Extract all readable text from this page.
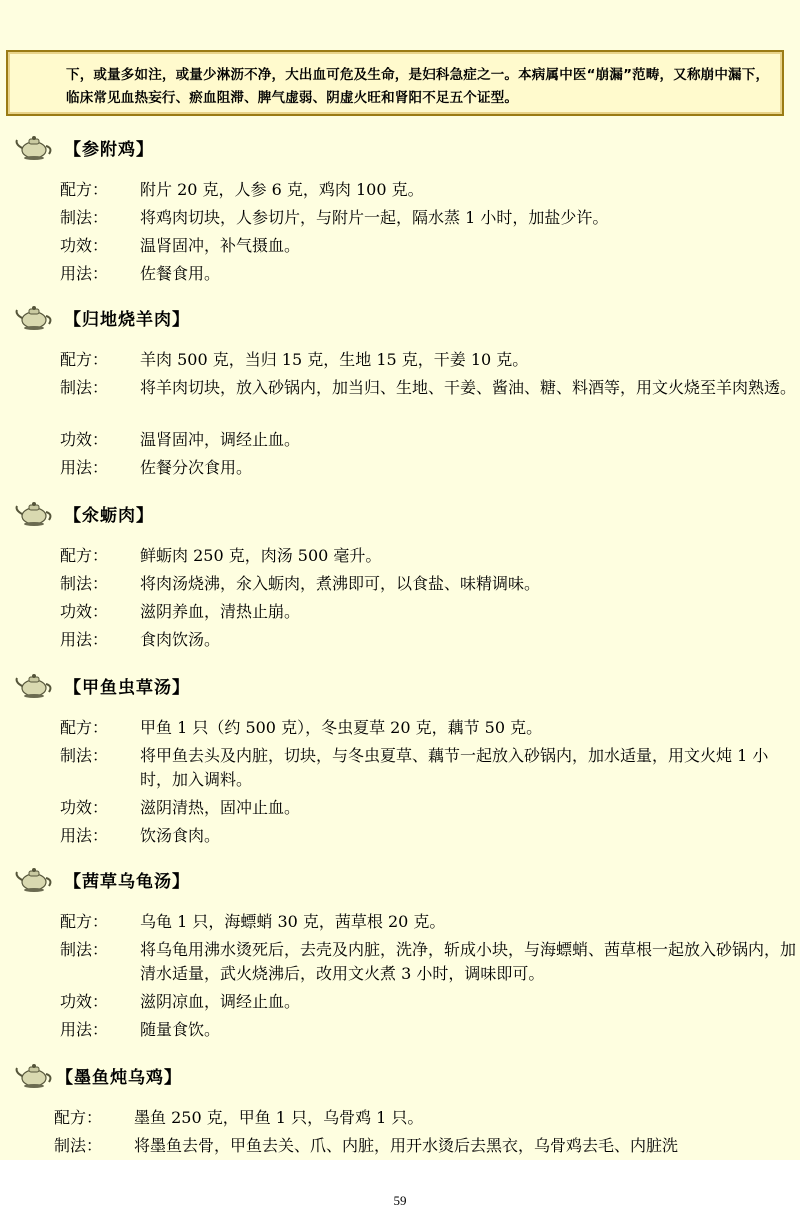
下，或量多如注，或量少淋沥不净，大出血可危及生命，是妇科急症之一。本病属中医“崩漏”范畴，又称崩中漏下，临床常见血热妄行、瘀血阻滞、脾气虚弱、阴虚火旺和肾阳不足五个证型。

【参附鸡】
配方：	附片 20 克，人参 6 克，鸡肉 100 克。
制法：	将鸡肉切块，人参切片，与附片一起，隔水蒸 1 小时，加盐少许。
功效：	温肾固冲，补气摄血。
用法：	佐餐食用。
【归地烧羊肉】
配方：	羊肉 500 克，当归 15 克，生地 15 克，干姜 10 克。
制法：	将羊肉切块，放入砂锅内，加当归、生地、干姜、酱油、糖、料酒等，用文火烧至羊肉熟透。
功效：	温肾固冲，调经止血。
用法：	佐餐分次食用。
【氽蛎肉】
配方：	鲜蛎肉 250 克，肉汤 500 毫升。
制法：	将肉汤烧沸，氽入蛎肉，煮沸即可，以食盐、味精调味。
功效：	滋阴养血，清热止崩。
用法：	食肉饮汤。
【甲鱼虫草汤】
配方：	甲鱼 1 只（约 500 克），冬虫夏草 20 克，藕节 50 克。
制法：	将甲鱼去头及内脏，切块，与冬虫夏草、藕节一起放入砂锅内，加水适量，用文火炖 1 小时，加入调料。
功效：	滋阴清热，固冲止血。
用法：	饮汤食肉。
【茜草乌龟汤】
配方：	乌龟 1 只，海螵蛸 30 克，茜草根 20 克。
制法：	将乌龟用沸水烫死后，去壳及内脏，洗净，斩成小块，与海螵蛸、茜草根一起放入砂锅内，加清水适量，武火烧沸后，改用文火煮 3 小时，调味即可。
功效：	滋阴凉血，调经止血。
用法：	随量食饮。
【墨鱼炖乌鸡】
配方：	墨鱼 250 克，甲鱼 1 只，乌骨鸡 1 只。
制法：	将墨鱼去骨，甲鱼去关、爪、内脏，用开水烫后去黑衣，乌骨鸡去毛、内脏洗
59
